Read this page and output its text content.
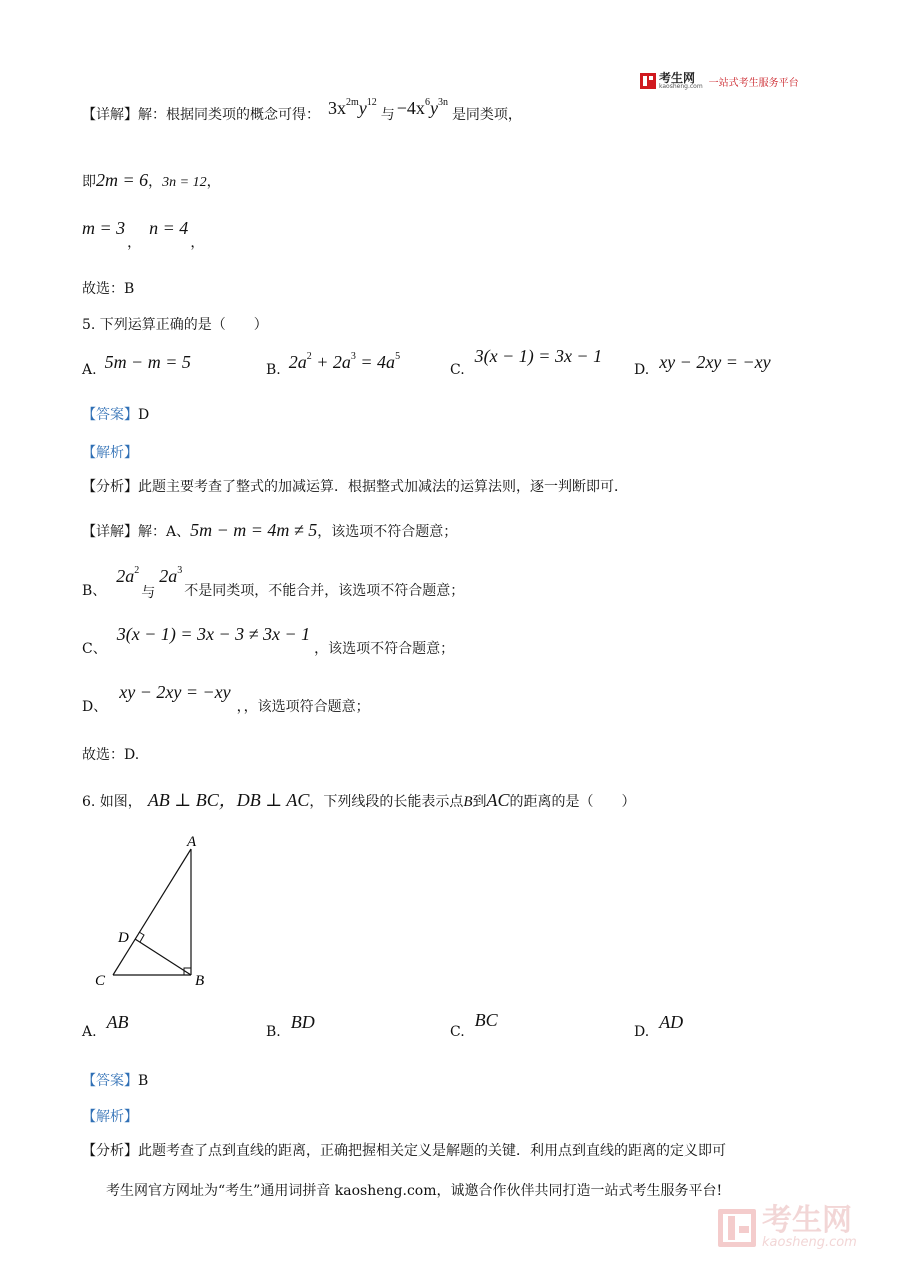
考生网
kaosheng.com 一站式考生服务平台
【详解】 解：根据同类项的概念可得： $3x^{2m}y^{12}$
与 $-4x^6y^{3n}$
是同类项，
即 2m = 6 ， 3n = 12 ，
m = 3
，
n = 4
，
故选：B
5. 下列运算正确的是（　　）
A. 5m − m = 5	B. $2a^2 + 2a^3 = 4a^5$
C.
3(x − 1) = 3x − 1
D. xy − 2xy = −xy
【答案】D
【解析】
【分析】此题主要考查了整式的加减运算．根据整式加减法的运算法则，逐一判断即可．
【详解】 解：A、 5m − m = 4m ≠ 5 ，该选项不符合题意；
B、
$2a^2$
与
$2a^3$
不是同类项，不能合并，该选项不符合题意；
C、
3(x − 1) = 3x − 3 ≠ 3x − 1
，该选项不符合题意；
D、
xy − 2xy = −xy
，，该选项符合题意；
故选：D.
6. 如图， AB ⊥ BC，DB ⊥ AC ，下列线段的长能表示点 B 到 AC 的距离的是（　　）
A
D
C	B
A. AB	B. BD	C.
BC
D. AD
【答案】B
【解析】
【分析】此题考查了点到直线的距离，正确把握相关定义是解题的关键．利用点到直线的距离的定义即可
考生网官方网址为“考生”通用词拼音 kaosheng.com，诚邀合作伙伴共同打造一站式考生服务平台!
考生网
kaosheng.com
